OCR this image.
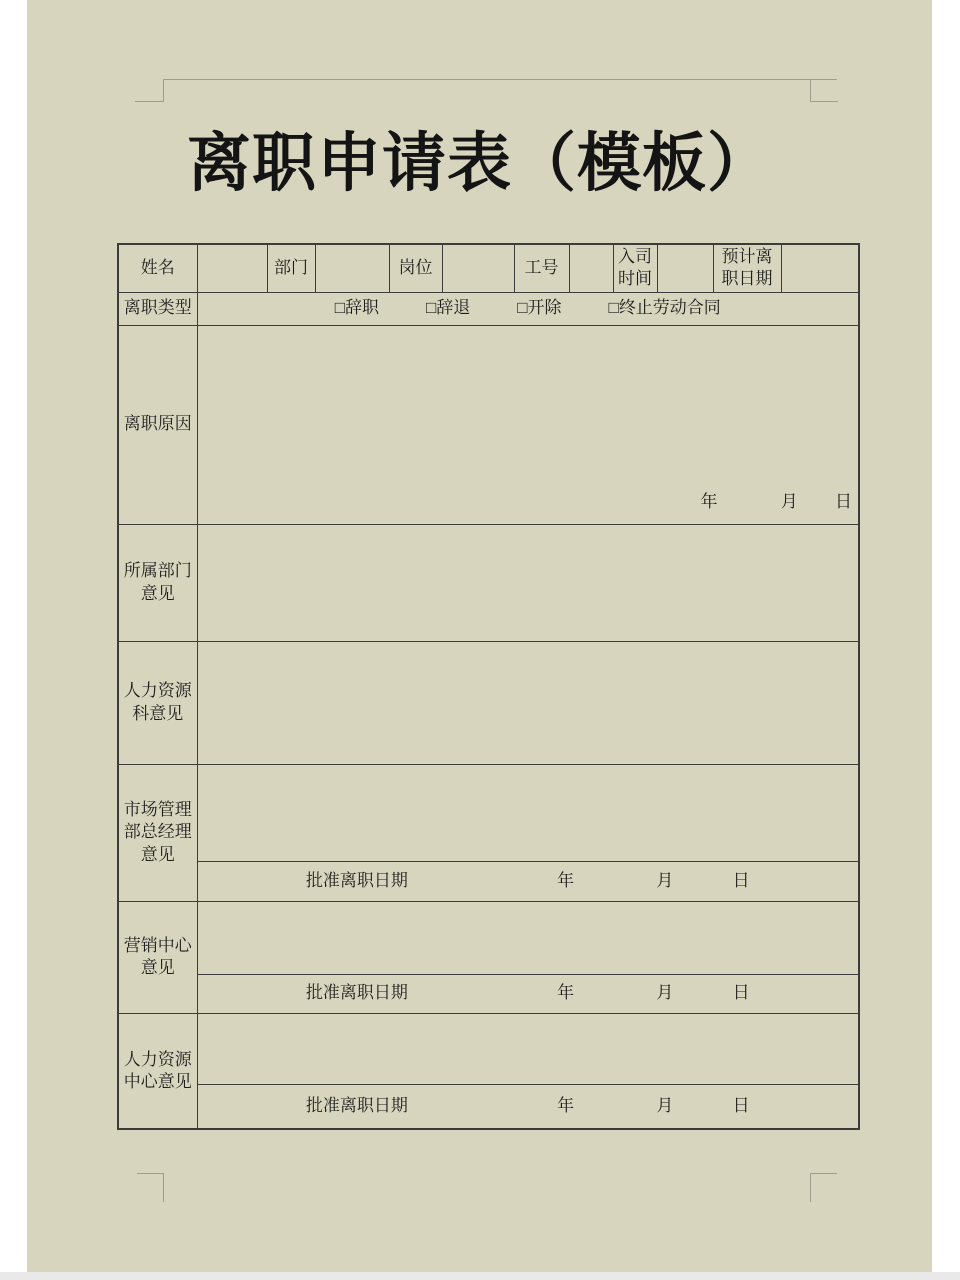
离职申请表（模板）
姓名		部门		岗位		工号		入司时间		预计离职日期	
离职类型	□辞职 □辞退 □开除 □终止劳动合同										
离职原因	年 月 日										

所属部门意见											
人力资源科意见											
市场管理部总经理意见											
	批准离职日期 年 月 日										
营销中心意见											
	批准离职日期 年 月 日										
人力资源中心意见											
	批准离职日期 年 月 日										
